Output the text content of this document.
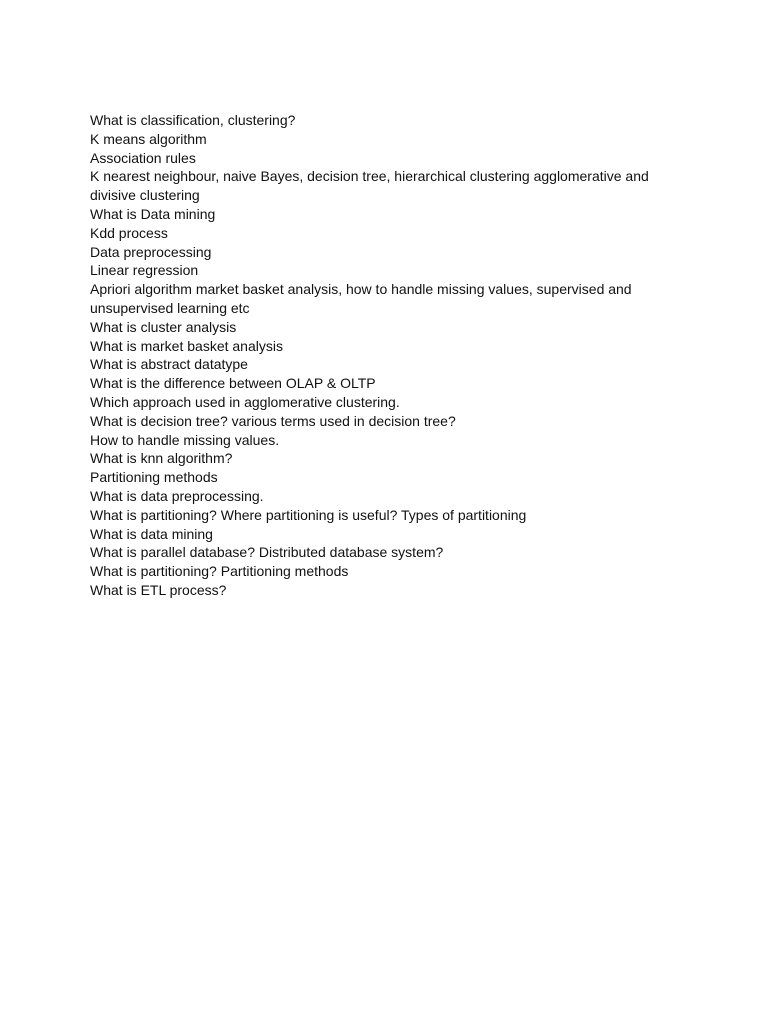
What is classification, clustering?

K means algorithm

Association rules

K nearest neighbour, naive Bayes, decision tree, hierarchical clustering agglomerative and divisive clustering

What is Data mining

Kdd process

Data preprocessing

Linear regression

Apriori algorithm market basket analysis, how to handle missing values, supervised and unsupervised learning etc

What is cluster analysis

What is market basket analysis

What is abstract datatype

What is the difference between OLAP & OLTP

Which approach used in agglomerative clustering.

What is decision tree? various terms used in decision tree?

How to handle missing values.

What is knn algorithm?

Partitioning methods

What is data preprocessing.

What is partitioning? Where partitioning is useful? Types of partitioning

What is data mining

What is parallel database? Distributed database system?

What is partitioning? Partitioning methods

What is ETL process?
